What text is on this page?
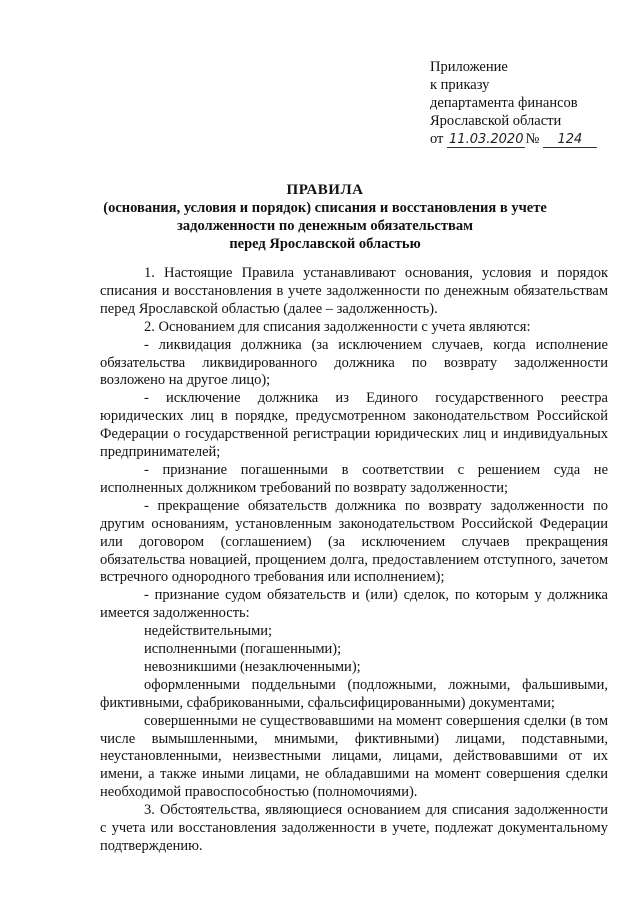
Приложение
к приказу
департамента финансов
Ярославской области
от 11.03.2020 № 124
ПРАВИЛА
(основания, условия и порядок) списания и восстановления в учете
задолженности по денежным обязательствам
перед Ярославской областью

1. Настоящие Правила устанавливают основания, условия и порядок списания и восстановления в учете задолженности по денежным обязательствам перед Ярославской областью (далее – задолженность).

2. Основанием для списания задолженности с учета являются:

- ликвидация должника (за исключением случаев, когда исполнение обязательства ликвидированного должника по возврату задолженности возложено на другое лицо);

- исключение должника из Единого государственного реестра юридических лиц в порядке, предусмотренном законодательством Российской Федерации о государственной регистрации юридических лиц и индивидуальных предпринимателей;

- признание погашенными в соответствии с решением суда не исполненных должником требований по возврату задолженности;

- прекращение обязательств должника по возврату задолженности по другим основаниям, установленным законодательством Российской Федерации или договором (соглашением) (за исключением случаев прекращения обязательства новацией, прощением долга, предоставлением отступного, зачетом встречного однородного требования или исполнением);

- признание судом обязательств и (или) сделок, по которым у должника имеется задолженность:

недействительными;

исполненными (погашенными);

невозникшими (незаключенными);

оформленными поддельными (подложными, ложными, фальшивыми, фиктивными, сфабрикованными, сфальсифицированными) документами;

совершенными не существовавшими на момент совершения сделки (в том числе вымышленными, мнимыми, фиктивными) лицами, подставными, неустановленными, неизвестными лицами, лицами, действовавшими от их имени, а также иными лицами, не обладавшими на момент совершения сделки необходимой правоспособностью (полномочиями).

3. Обстоятельства, являющиеся основанием для списания задолженности с учета или восстановления задолженности в учете, подлежат документальному подтверждению.
